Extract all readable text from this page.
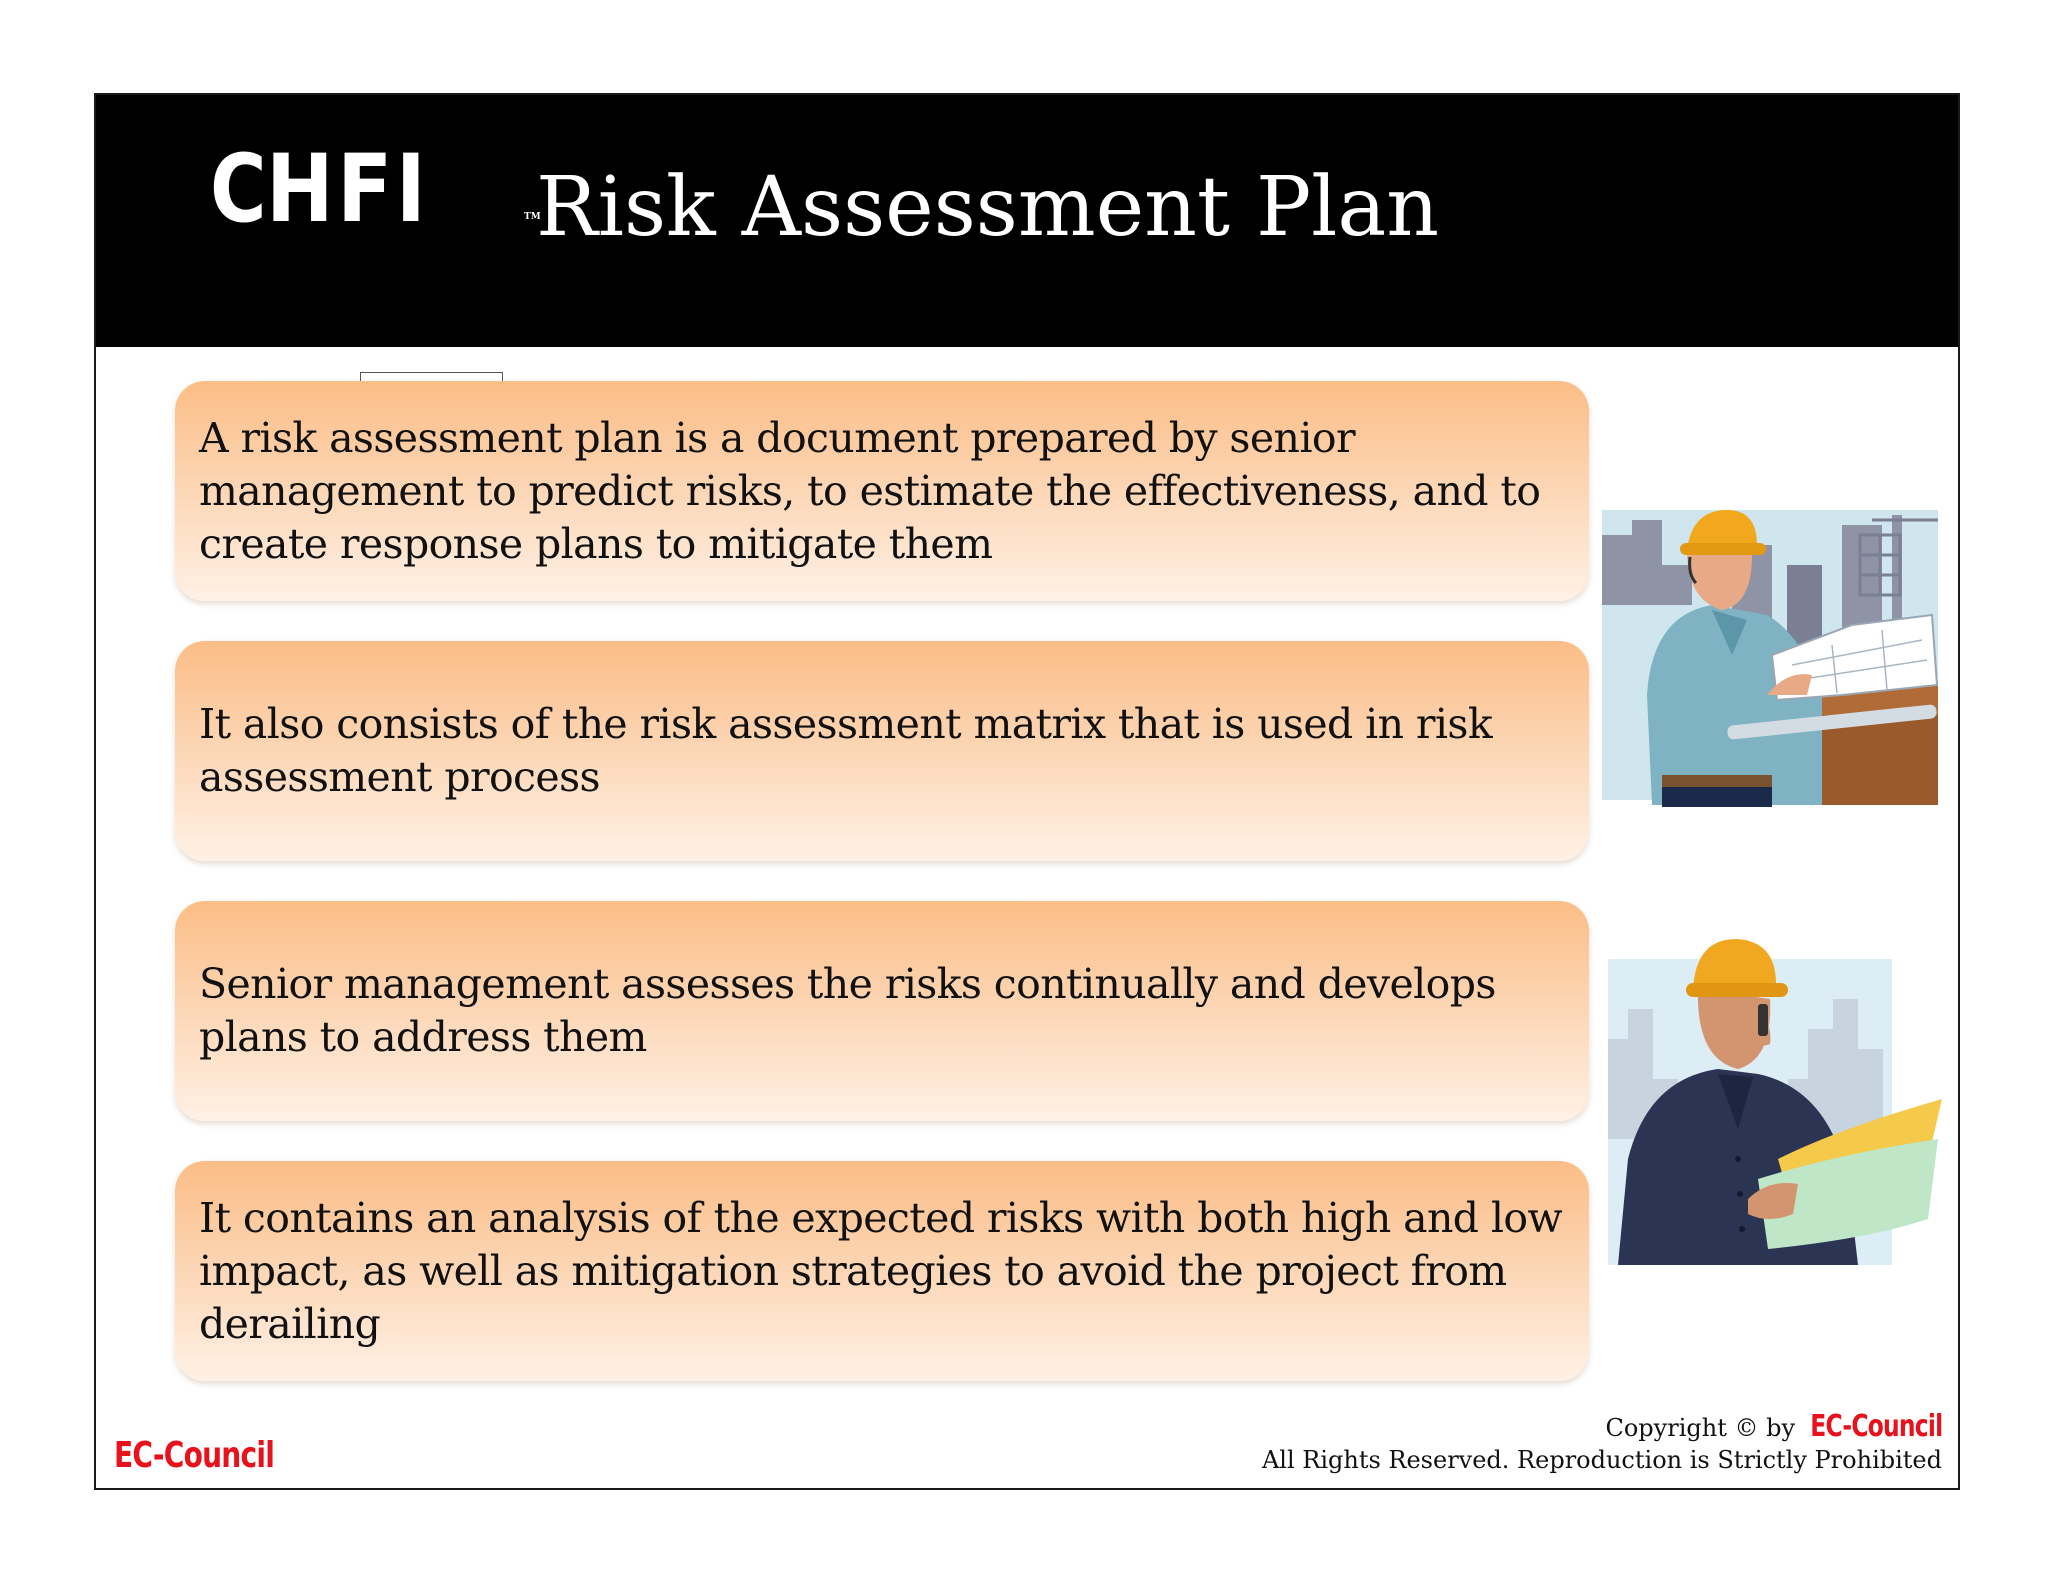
C HFI	TM
Computer	Hacking Forensic
Risk Assessment Plan
A risk assessment plan is a document prepared by senior management to predict risks, to estimate the effectiveness, and to create response plans to mitigate them
It also consists of the risk assessment matrix that is used in risk assessment process
Senior management assesses the risks continually and develops plans to address them
It contains an analysis of the expected risks with both high and low impact, as well as mitigation strategies to avoid the project from derailing
EC-Council
Copyright © by EC-Council
All Rights Reserved. Reproduction is Strictly Prohibited
